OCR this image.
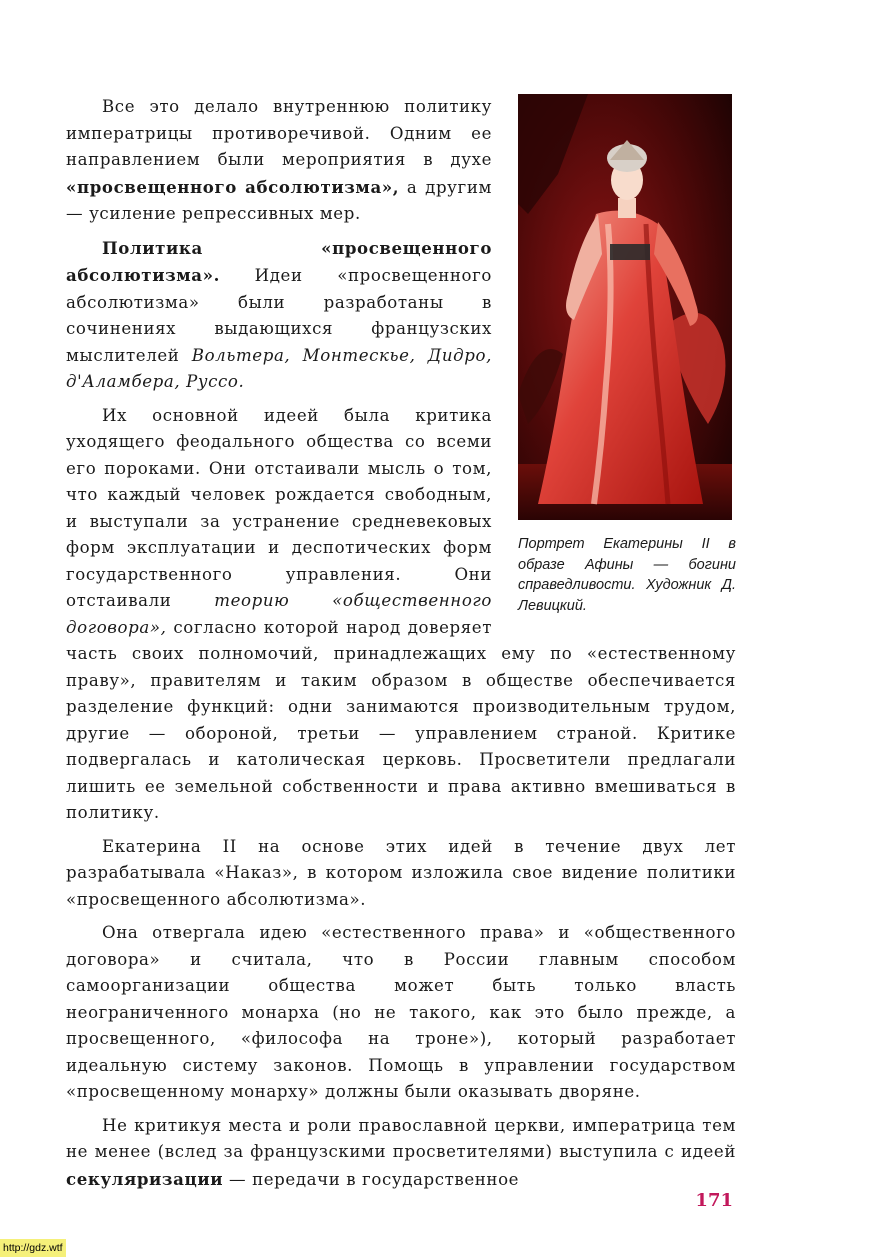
Портрет Екатерины II в образе Афины — богини справедливости. Художник Д. Левицкий.

Все это делало внутреннюю политику императрицы противоречивой. Одним ее направлением были мероприятия в духе «просвещенного абсолютизма», а другим — усиление репрессивных мер.

Политика «просвещенного абсолютизма». Идеи «просвещенного абсолютизма» были разработаны в сочинениях выдающихся французских мыслителей Вольтера, Монтескье, Дидро, д'Аламбера, Руссо.

Их основной идеей была критика уходящего феодального общества со всеми его пороками. Они отстаивали мысль о том, что каждый человек рождается свободным, и выступали за устранение средневековых форм эксплуатации и деспотических форм государственного управления. Они отстаивали теорию «общественного договора», согласно которой народ доверяет часть своих полномочий, принадлежащих ему по «естественному праву», правителям и таким образом в обществе обеспечивается разделение функций: одни занимаются производительным трудом, другие — обороной, третьи — управлением страной. Критике подвергалась и католическая церковь. Просветители предлагали лишить ее земельной собственности и права активно вмешиваться в политику.

Екатерина II на основе этих идей в течение двух лет разрабатывала «Наказ», в котором изложила свое видение политики «просвещенного абсолютизма».

Она отвергала идею «естественного права» и «общественного договора» и считала, что в России главным способом самоорганизации общества может быть только власть неограниченного монарха (но не такого, как это было прежде, а просвещенного, «философа на троне»), который разработает идеальную систему законов. Помощь в управлении государством «просвещенному монарху» должны были оказывать дворяне.

Не критикуя места и роли православной церкви, императрица тем не менее (вслед за французскими просветителями) выступила с идеей секуляризации — передачи в государственное

171
http://gdz.wtf
